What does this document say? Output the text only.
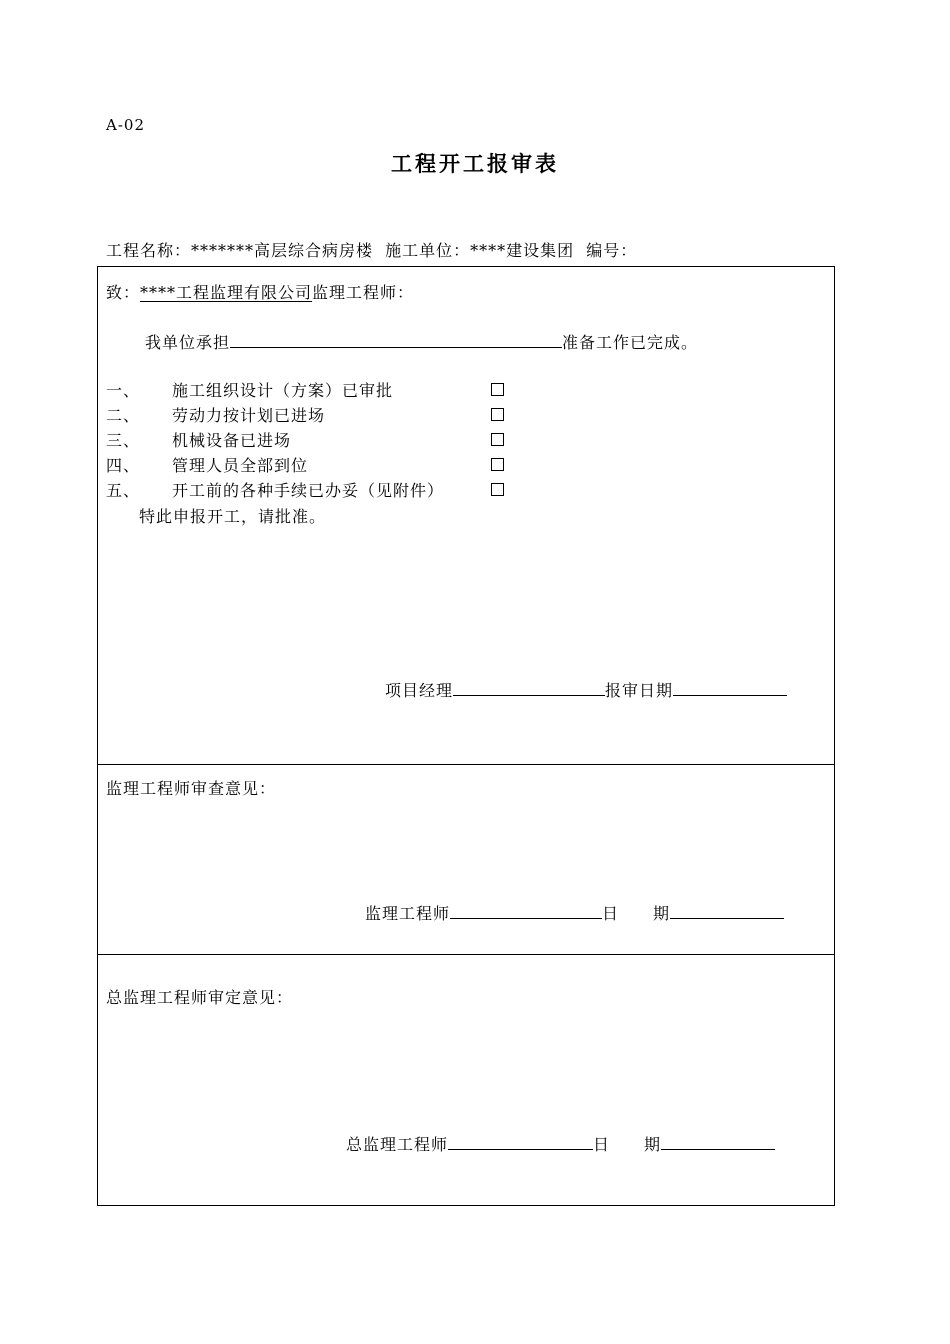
A-02
工程开工报审表
工程名称：*******高层综合病房楼 施工单位：****建设集团 编号：
致：****工程监理有限公司监理工程师：
我单位承担	准备工作已完成。
一、 施工组织设计（方案）已审批
二、 劳动力按计划已进场
三、 机械设备已进场
四、 管理人员全部到位
五、 开工前的各种手续已办妥（见附件）
特此申报开工，请批准。
项目经理	报审日期
监理工程师审查意见：
监理工程师	日　　期
总监理工程师审定意见：
总监理工程师	日　　期
